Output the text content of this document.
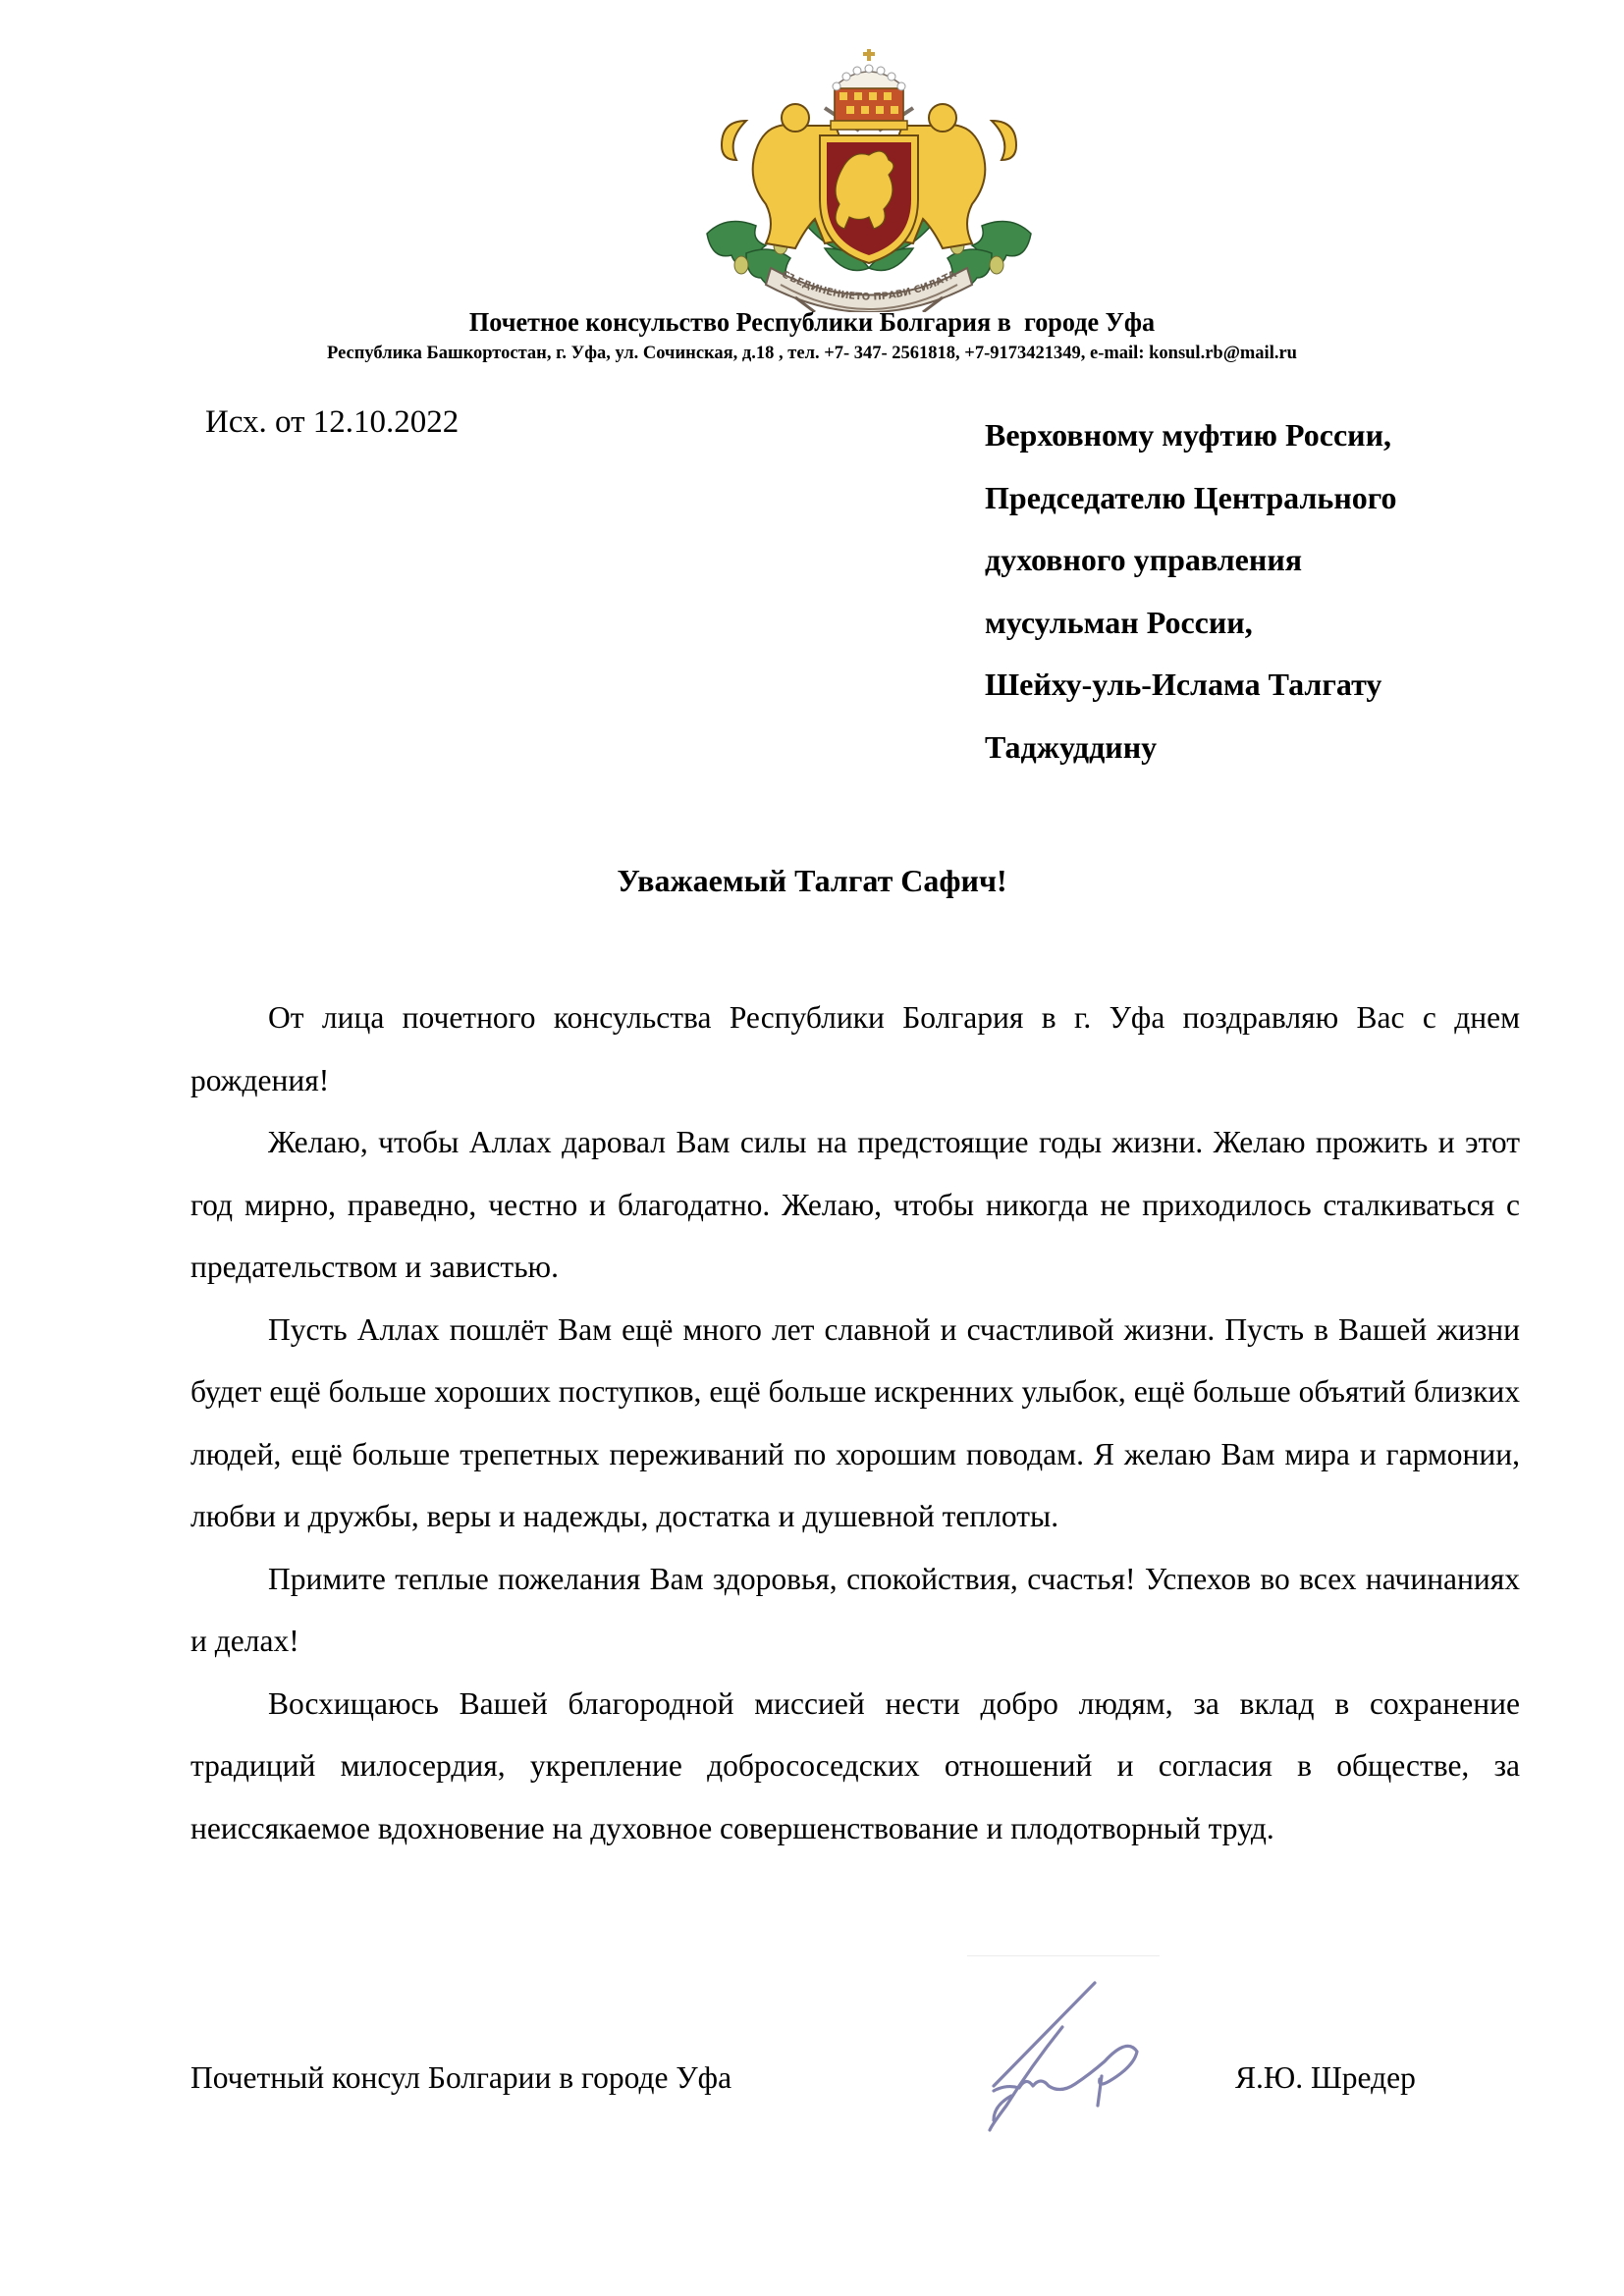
СЪЕДИНЕНИЕТО ПРАВИ СИЛАТА
Почетное консульство Республики Болгария в  городе Уфа
Республика Башкортостан, г. Уфа, ул. Сочинская, д.18 , тел. +7- 347- 2561818, +7-9173421349, e-mail: konsul.rb@mail.ru
Исх. от 12.10.2022	Верховному муфтию России,
Председателю Центрального
духовного управления
мусульман России,
Шейху-уль-Ислама Талгату
Таджуддину
Уважаемый Талгат Сафич!

От лица почетного консульства Республики Болгария в г. Уфа поздравляю Вас с днем рождения!

Желаю, чтобы Аллах даровал Вам силы на предстоящие годы жизни. Желаю прожить и этот год мирно, праведно, честно и благодатно. Желаю, чтобы никогда не приходилось сталкиваться с предательством и завистью.

Пусть Аллах пошлёт Вам ещё много лет славной и счастливой жизни. Пусть в Вашей жизни будет ещё больше хороших поступков, ещё больше искренних улыбок, ещё больше объятий близких людей, ещё больше трепетных переживаний по хорошим поводам. Я желаю Вам мира и гармонии, любви и дружбы, веры и надежды, достатка и душевной теплоты.

Примите теплые пожелания Вам здоровья, спокойствия, счастья! Успехов во всех начинаниях и делах!

Восхищаюсь Вашей благородной миссией нести добро людям, за вклад в сохранение традиций милосердия, укрепление добрососедских отношений и согласия в обществе, за неиссякаемое вдохновение на духовное совершенствование и плодотворный труд.

Почетный консул Болгарии в городе Уфа	Я.Ю. Шредер
